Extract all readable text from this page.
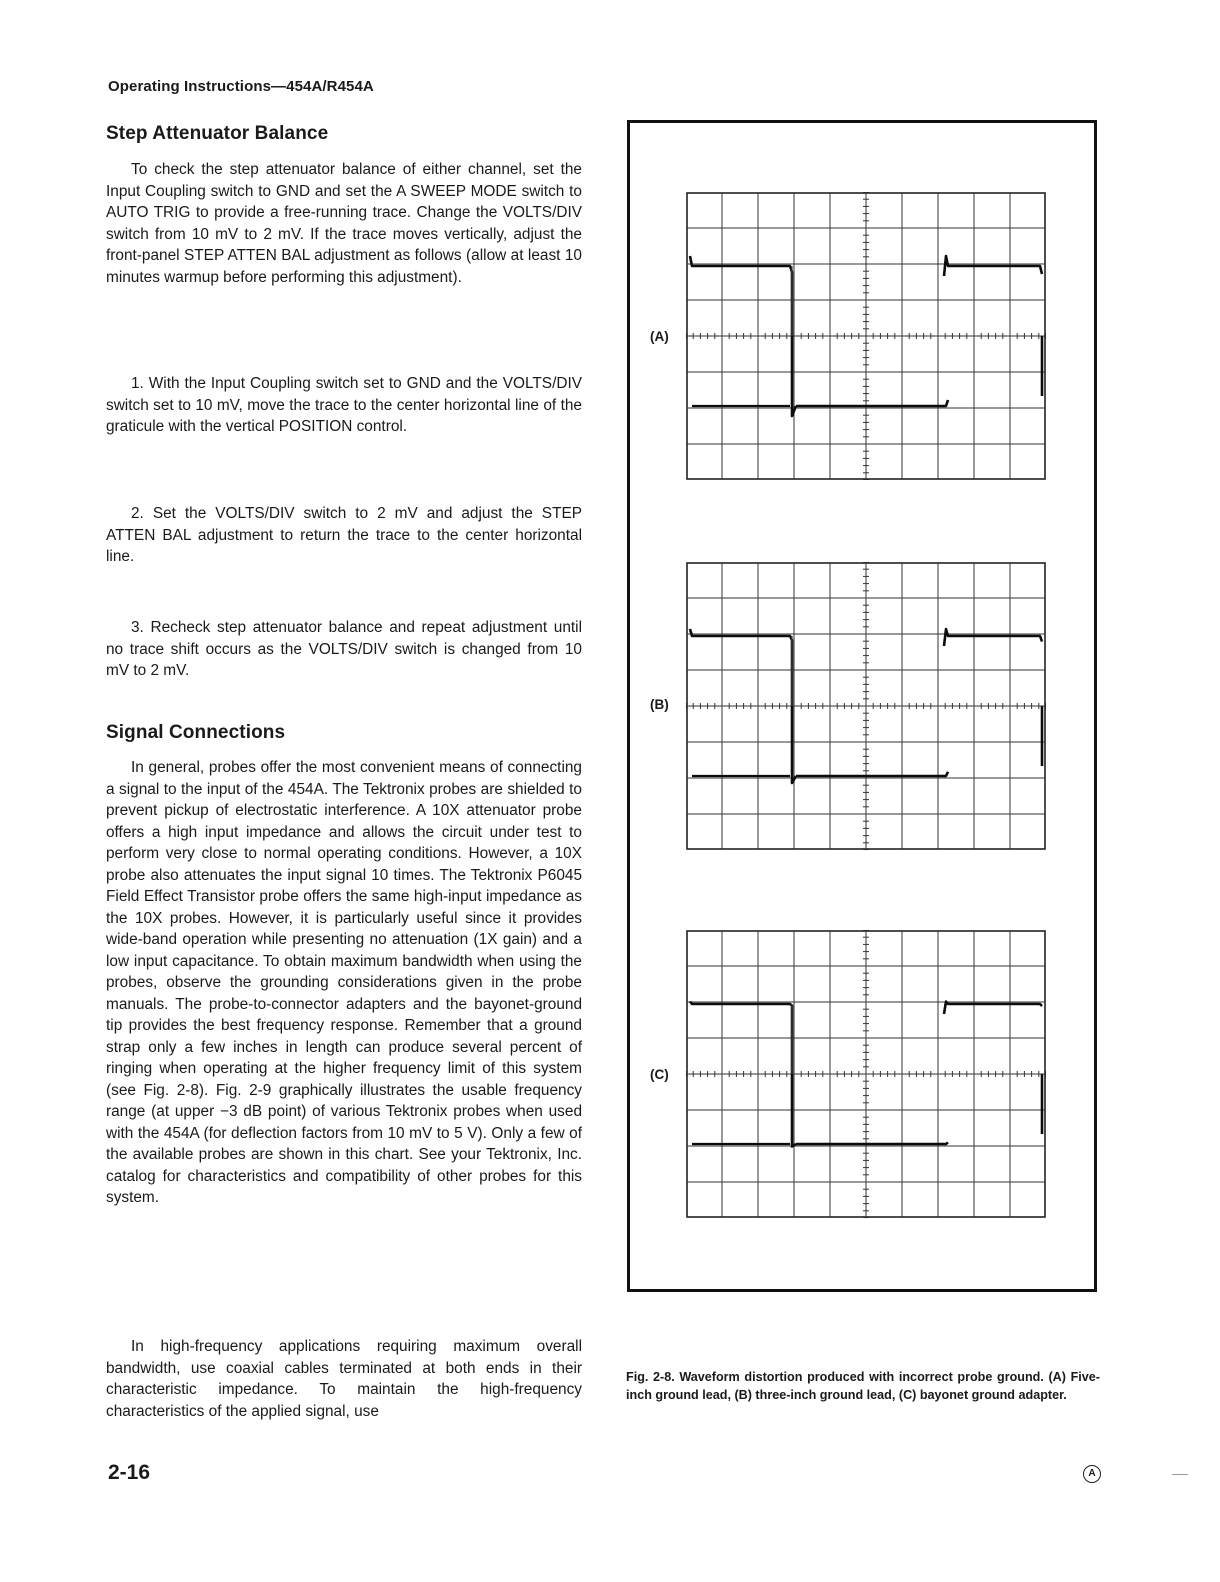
Operating Instructions—454A/R454A
Step Attenuator Balance

To check the step attenuator balance of either channel, set the Input Coupling switch to GND and set the A SWEEP MODE switch to AUTO TRIG to provide a free-running trace. Change the VOLTS/DIV switch from 10 mV to 2 mV. If the trace moves vertically, adjust the front-panel STEP ATTEN BAL adjustment as follows (allow at least 10 minutes warmup before performing this adjustment).

1. With the Input Coupling switch set to GND and the VOLTS/DIV switch set to 10 mV, move the trace to the center horizontal line of the graticule with the vertical POSITION control.

2. Set the VOLTS/DIV switch to 2 mV and adjust the STEP ATTEN BAL adjustment to return the trace to the center horizontal line.

3. Recheck step attenuator balance and repeat adjustment until no trace shift occurs as the VOLTS/DIV switch is changed from 10 mV to 2 mV.

Signal Connections

In general, probes offer the most convenient means of connecting a signal to the input of the 454A. The Tektronix probes are shielded to prevent pickup of electrostatic interference. A 10X attenuator probe offers a high input impedance and allows the circuit under test to perform very close to normal operating conditions. However, a 10X probe also attenuates the input signal 10 times. The Tektronix P6045 Field Effect Transistor probe offers the same high-input impedance as the 10X probes. However, it is particularly useful since it provides wide-band operation while presenting no attenuation (1X gain) and a low input capacitance. To obtain maximum bandwidth when using the probes, observe the grounding considerations given in the probe manuals. The probe-to-connector adapters and the bayonet-ground tip provides the best frequency response. Remember that a ground strap only a few inches in length can produce several percent of ringing when operating at the higher frequency limit of this system (see Fig. 2-8). Fig. 2-9 graphically illustrates the usable frequency range (at upper −3 dB point) of various Tektronix probes when used with the 454A (for deflection factors from 10 mV to 5 V). Only a few of the available probes are shown in this chart. See your Tektronix, Inc. catalog for characteristics and compatibility of other probes for this system.

In high-frequency applications requiring maximum overall bandwidth, use coaxial cables terminated at both ends in their characteristic impedance. To maintain the high-frequency characteristics of the applied signal, use

(A)
(B)
(C)
Fig. 2-8. Waveform distortion produced with incorrect probe ground. (A) Five-inch ground lead, (B) three-inch ground lead, (C) bayonet ground adapter.
2-16	A
